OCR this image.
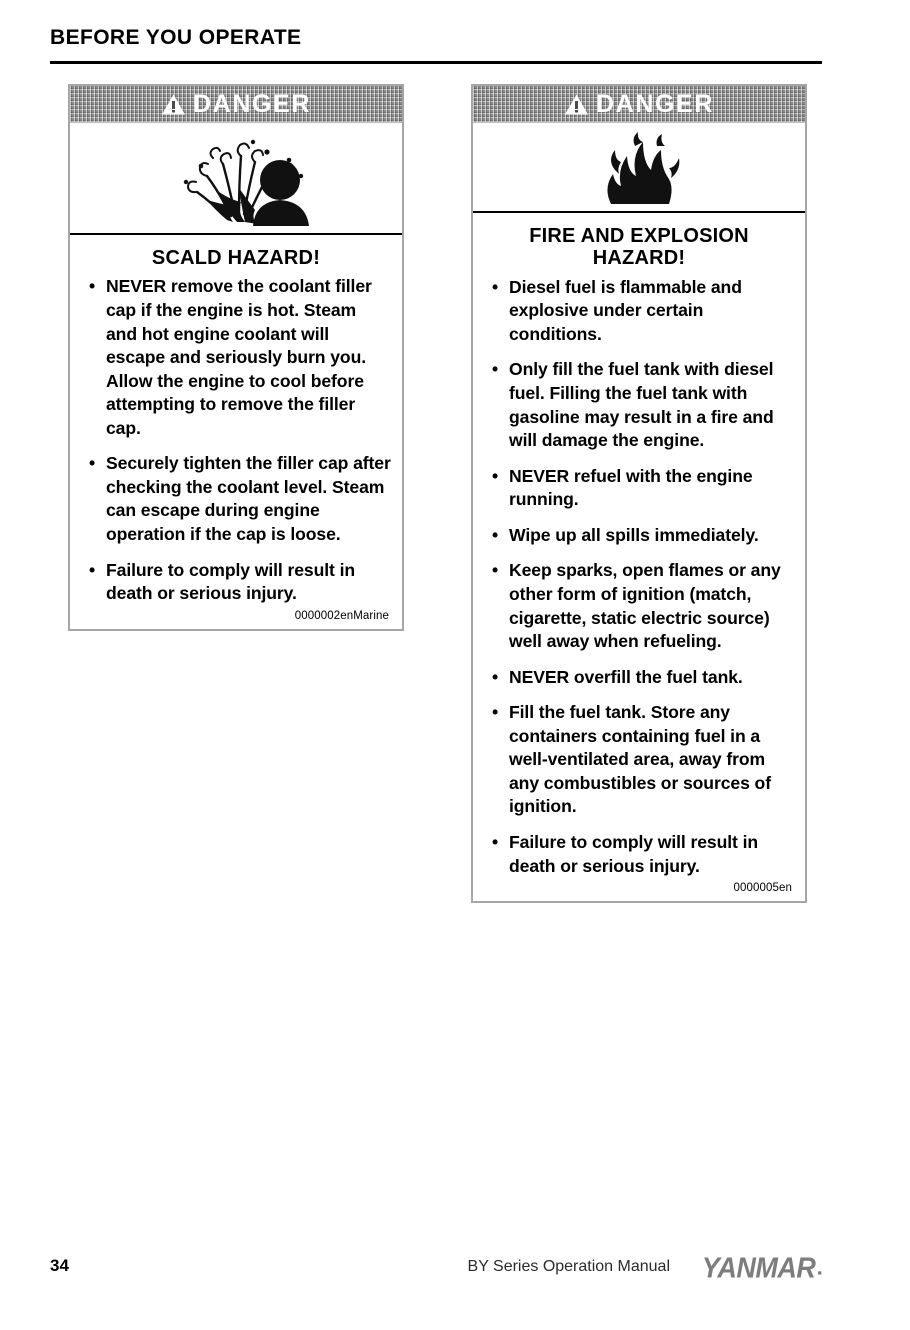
BEFORE YOU OPERATE
DANGER
SCALD HAZARD!
• NEVER remove the coolant filler cap if the engine is hot. Steam and hot engine coolant will escape and seriously burn you. Allow the engine to cool before attempting to remove the filler cap.
• Securely tighten the filler cap after checking the coolant level. Steam can escape during engine operation if the cap is loose.
• Failure to comply will result in death or serious injury.
0000002enMarine
DANGER
FIRE AND EXPLOSION HAZARD!
• Diesel fuel is flammable and explosive under certain conditions.
• Only fill the fuel tank with diesel fuel. Filling the fuel tank with gasoline may result in a fire and will damage the engine.
• NEVER refuel with the engine running.
• Wipe up all spills immediately.
• Keep sparks, open flames or any other form of ignition (match, cigarette, static electric source) well away when refueling.
• NEVER overfill the fuel tank.
• Fill the fuel tank. Store any containers containing fuel in a well-ventilated area, away from any combustibles or sources of ignition.
• Failure to comply will result in death or serious injury.
0000005en
34	BY Series Operation Manual YANMAR ▪
